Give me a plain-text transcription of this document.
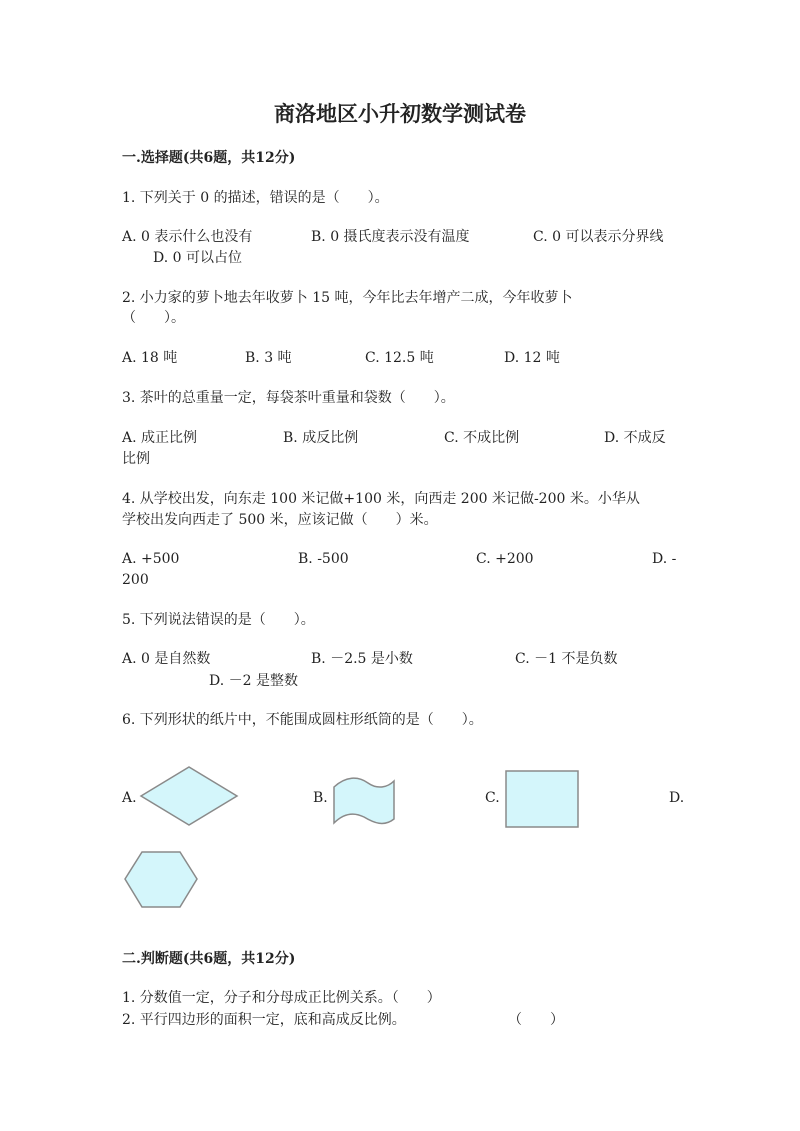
商洛地区小升初数学测试卷
一.选择题(共6题，共12分)
1. 下列关于 0 的描述，错误的是（　　）。
A. 0 表示什么也没有	B. 0 摄氏度表示没有温度	C. 0 可以表示分界线
D. 0 可以占位
2. 小力家的萝卜地去年收萝卜 15 吨，今年比去年增产二成，今年收萝卜
（　　）。
A. 18 吨	B. 3 吨	C. 12.5 吨	D. 12 吨
3. 茶叶的总重量一定，每袋茶叶重量和袋数（　　）。
A. 成正比例	B. 成反比例	C. 不成比例	D. 不成反
比例
4. 从学校出发，向东走 100 米记做+100 米，向西走 200 米记做-200 米。小华从
学校出发向西走了 500 米，应该记做（　　）米。
A. +500	B. -500	C. +200	D. -
200
5. 下列说法错误的是（　　）。
A. 0 是自然数	B. －2.5 是小数	C. －1 不是负数
D. －2 是整数
6. 下列形状的纸片中，不能围成圆柱形纸筒的是（　　）。
A.	B.	C.	D.
二.判断题(共6题，共12分)
1. 分数值一定，分子和分母成正比例关系。（　　）
2. 平行四边形的面积一定，底和高成反比例。	（　　）
